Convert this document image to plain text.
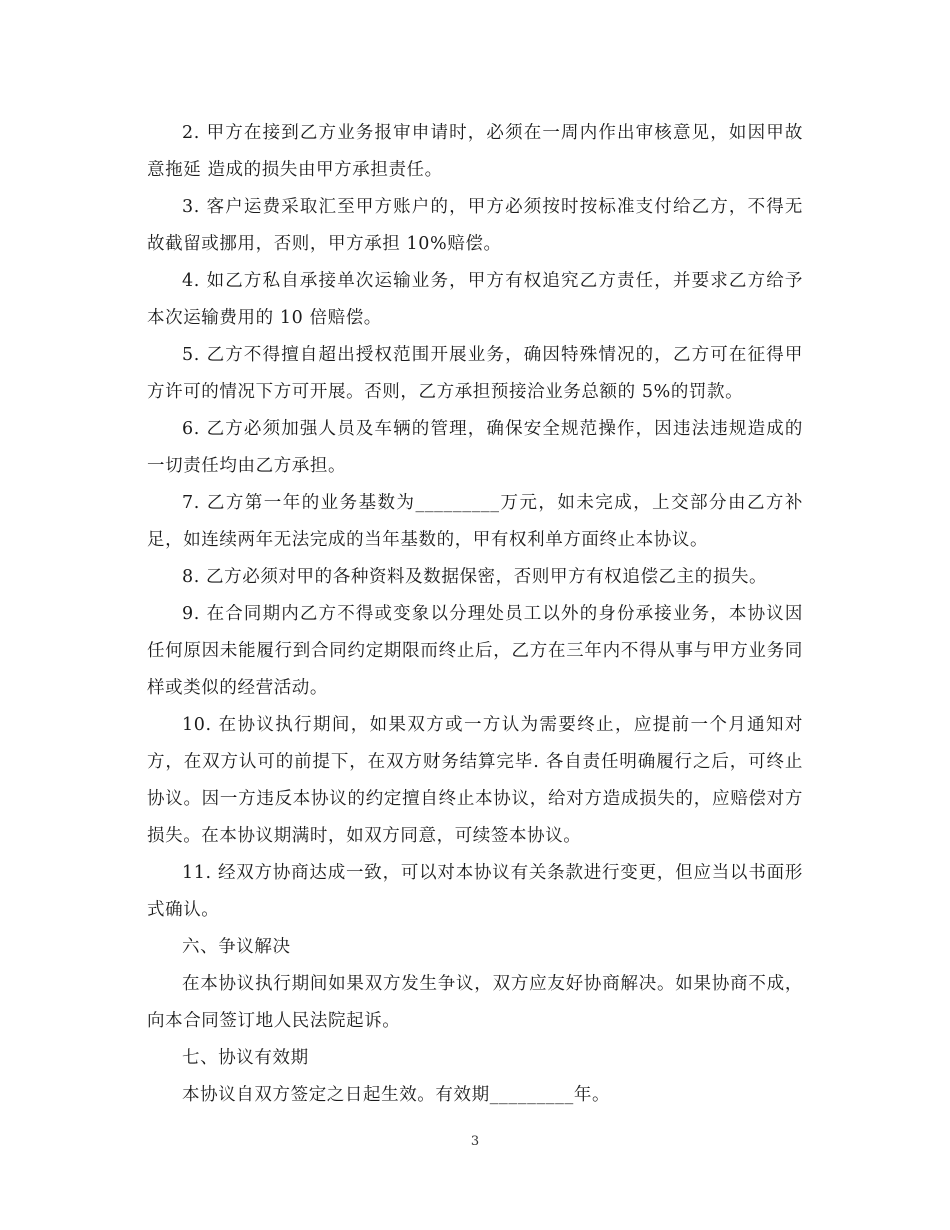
2. 甲方在接到乙方业务报审申请时，必须在一周内作出审核意见，如因甲故意拖延 造成的损失由甲方承担责任。

3. 客户运费采取汇至甲方账户的，甲方必须按时按标准支付给乙方，不得无故截留或挪用，否则，甲方承担 10%赔偿。

4. 如乙方私自承接单次运输业务，甲方有权追究乙方责任，并要求乙方给予本次运输费用的 10 倍赔偿。

5. 乙方不得擅自超出授权范围开展业务，确因特殊情况的，乙方可在征得甲方许可的情况下方可开展。否则，乙方承担预接洽业务总额的 5%的罚款。

6. 乙方必须加强人员及车辆的管理，确保安全规范操作，因违法违规造成的一切责任均由乙方承担。

7. 乙方第一年的业务基数为_________万元，如未完成，上交部分由乙方补足，如连续两年无法完成的当年基数的，甲有权利单方面终止本协议。

8. 乙方必须对甲的各种资料及数据保密，否则甲方有权追偿乙主的损失。

9. 在合同期内乙方不得或变象以分理处员工以外的身份承接业务，本协议因任何原因未能履行到合同约定期限而终止后，乙方在三年内不得从事与甲方业务同样或类似的经营活动。

10. 在协议执行期间，如果双方或一方认为需要终止，应提前一个月通知对方，在双方认可的前提下，在双方财务结算完毕. 各自责任明确履行之后，可终止协议。因一方违反本协议的约定擅自终止本协议，给对方造成损失的，应赔偿对方损失。在本协议期满时，如双方同意，可续签本协议。

11. 经双方协商达成一致，可以对本协议有关条款进行变更，但应当以书面形式确认。

六、争议解决

在本协议执行期间如果双方发生争议，双方应友好协商解决。如果协商不成，向本合同签订地人民法院起诉。

七、协议有效期

本协议自双方签定之日起生效。有效期_________年。

3
